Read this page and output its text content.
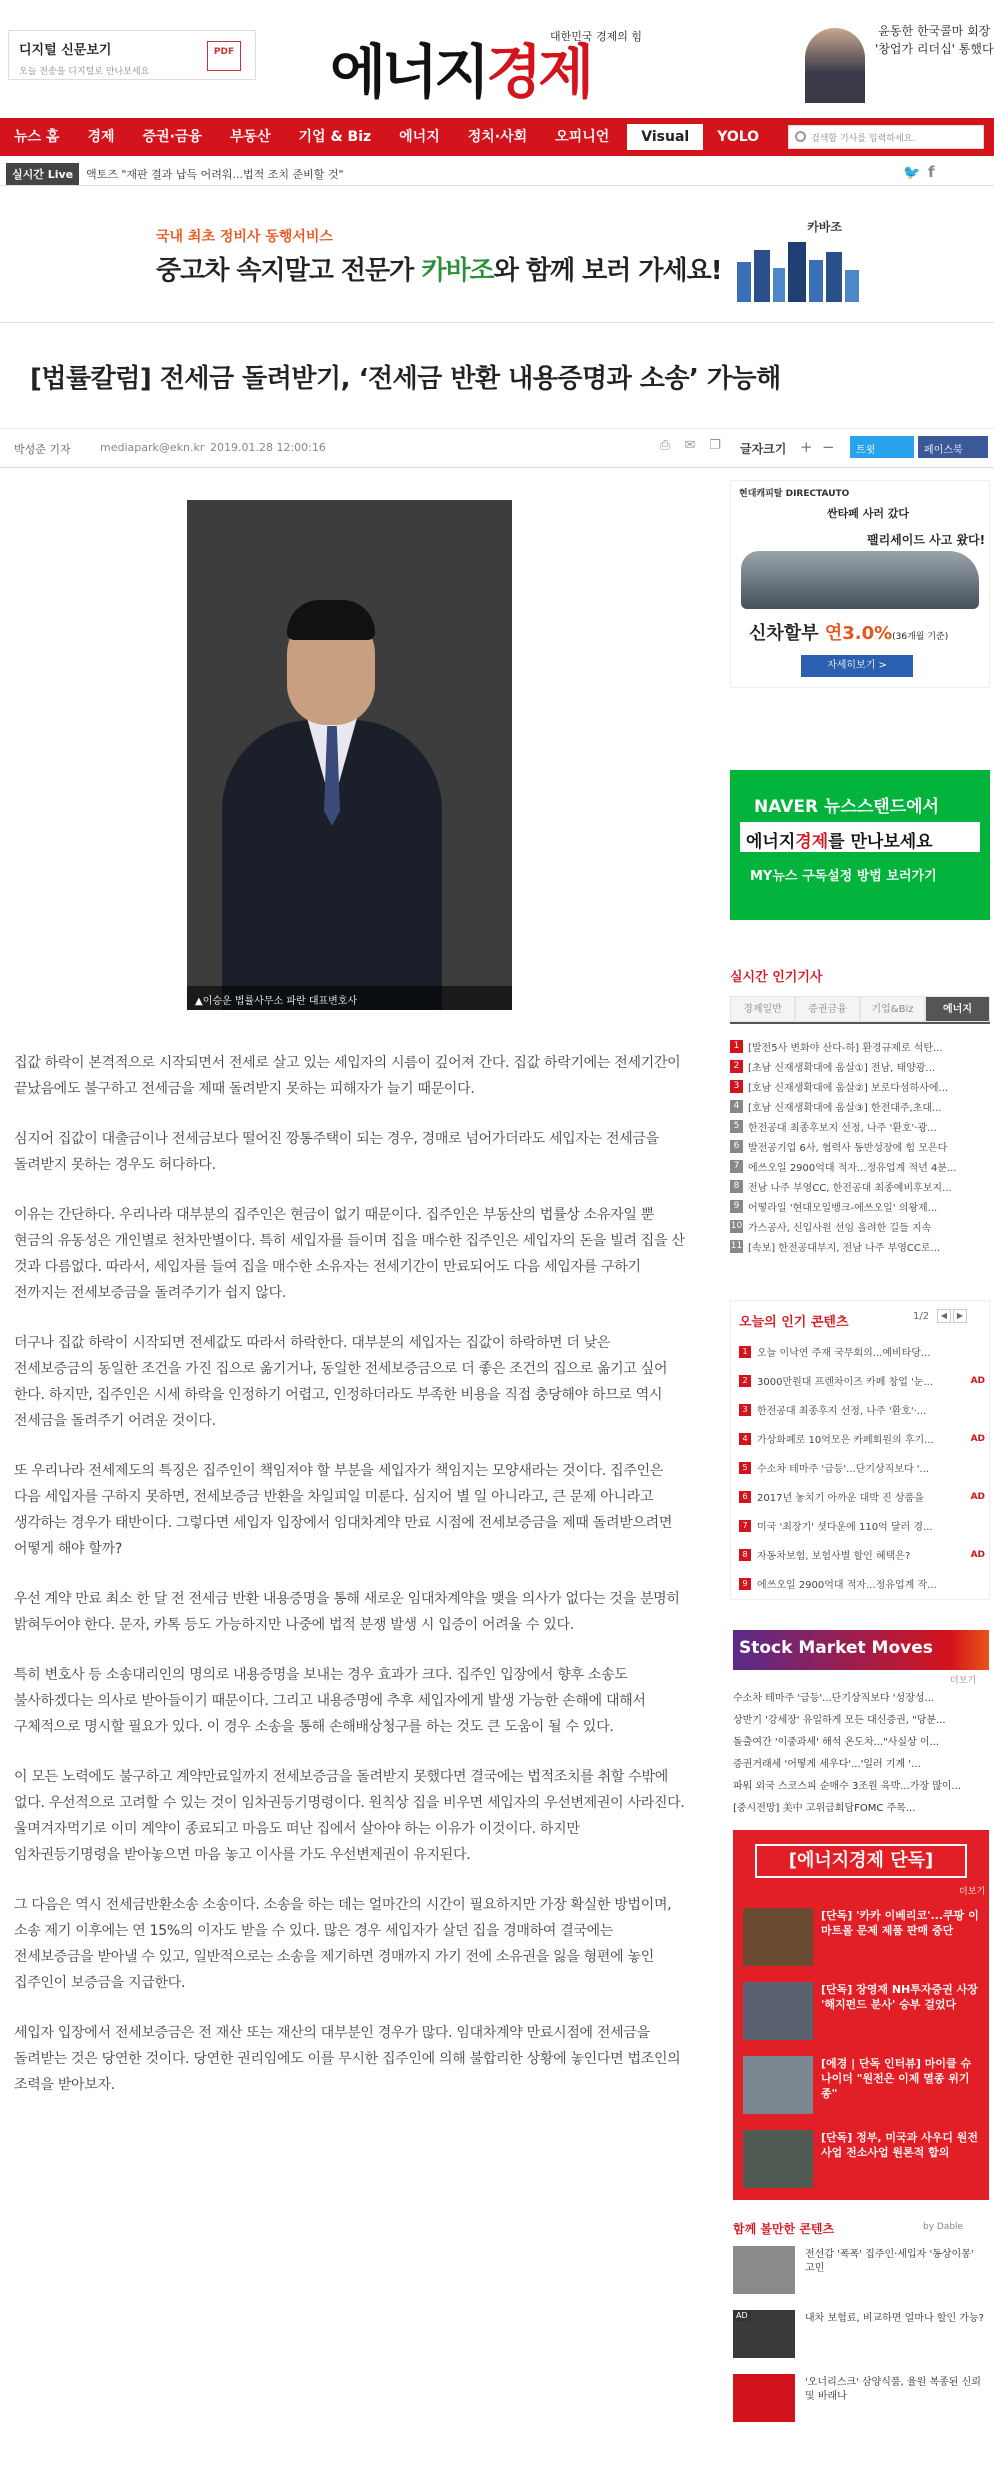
디지털 신문보기
오늘 전송을 디지털로 만나보세요
PDF
대한민국 경제의 힘
에너지경제
윤동한 한국콜마 회장
'창업가 리더십' 통했다
뉴스 홈	경제	증권·금융	부동산	기업 & Biz	에너지	정치·사회	오피니언	Visual	YOLO	검색할 기사를 입력하세요.
실시간 Live	액토즈 "재판 결과 납득 어려워...법적 조치 준비할 것"	🐦 f
국내 최초 정비사 동행서비스
중고차 속지말고 전문가 카바조와 함께 보러 가세요!
카바조
[법률칼럼] 전세금 돌려받기, ‘전세금 반환 내용증명과 소송’ 가능해
박성준 기자	mediapark@ekn.kr 2019.01.28 12:00:16	⎙	✉	❐	글자크기 + −	트윗	페이스북
▲이승운 법률사무소 파란 대표변호사

집값 하락이 본격적으로 시작되면서 전세로 살고 있는 세입자의 시름이 깊어져 간다. 집값 하락기에는 전세기간이 끝났음에도 불구하고 전세금을 제때 돌려받지 못하는 피해자가 늘기 때문이다.

심지어 집값이 대출금이나 전세금보다 떨어진 깡통주택이 되는 경우, 경매로 넘어가더라도 세입자는 전세금을 돌려받지 못하는 경우도 허다하다.

이유는 간단하다. 우리나라 대부분의 집주인은 현금이 없기 때문이다. 집주인은 부동산의 법률상 소유자일 뿐 현금의 유동성은 개인별로 천차만별이다. 특히 세입자를 들이며 집을 매수한 집주인은 세입자의 돈을 빌려 집을 산 것과 다름없다. 따라서, 세입자를 들여 집을 매수한 소유자는 전세기간이 만료되어도 다음 세입자를 구하기 전까지는 전세보증금을 돌려주기가 쉽지 않다.

더구나 집값 하락이 시작되면 전세값도 따라서 하락한다. 대부분의 세입자는 집값이 하락하면 더 낮은 전세보증금의 동일한 조건을 가진 집으로 옮기거나, 동일한 전세보증금으로 더 좋은 조건의 집으로 옮기고 싶어 한다. 하지만, 집주인은 시세 하락을 인정하기 어렵고, 인정하더라도 부족한 비용을 직접 충당해야 하므로 역시 전세금을 돌려주기 어려운 것이다.

또 우리나라 전세제도의 특징은 집주인이 책임져야 할 부분을 세입자가 책임지는 모양새라는 것이다. 집주인은 다음 세입자를 구하지 못하면, 전세보증금 반환을 차일피일 미룬다. 심지어 별 일 아니라고, 큰 문제 아니라고 생각하는 경우가 태반이다. 그렇다면 세입자 입장에서 임대차계약 만료 시점에 전세보증금을 제때 돌려받으려면 어떻게 해야 할까?

우선 계약 만료 최소 한 달 전 전세금 반환 내용증명을 통해 새로운 임대차계약을 맺을 의사가 없다는 것을 분명히 밝혀두어야 한다. 문자, 카톡 등도 가능하지만 나중에 법적 분쟁 발생 시 입증이 어려울 수 있다.

특히 변호사 등 소송대리인의 명의로 내용증명을 보내는 경우 효과가 크다. 집주인 입장에서 향후 소송도 불사하겠다는 의사로 받아들이기 때문이다. 그리고 내용증명에 추후 세입자에게 발생 가능한 손해에 대해서 구체적으로 명시할 필요가 있다. 이 경우 소송을 통해 손해배상청구를 하는 것도 큰 도움이 될 수 있다.

이 모든 노력에도 불구하고 계약만료일까지 전세보증금을 돌려받지 못했다면 결국에는 법적조치를 취할 수밖에 없다. 우선적으로 고려할 수 있는 것이 임차권등기명령이다. 원칙상 집을 비우면 세입자의 우선변제권이 사라진다. 울며겨자먹기로 이미 계약이 종료되고 마음도 떠난 집에서 살아야 하는 이유가 이것이다. 하지만 임차권등기명령을 받아놓으면 마음 놓고 이사를 가도 우선변제권이 유지된다.

그 다음은 역시 전세금반환소송 소송이다. 소송을 하는 데는 얼마간의 시간이 필요하지만 가장 확실한 방법이며, 소송 제기 이후에는 연 15%의 이자도 받을 수 있다. 많은 경우 세입자가 살던 집을 경매하여 결국에는 전세보증금을 받아낼 수 있고, 일반적으로는 소송을 제기하면 경매까지 가기 전에 소유권을 잃을 형편에 놓인 집주인이 보증금을 지급한다.

세입자 입장에서 전세보증금은 전 재산 또는 재산의 대부분인 경우가 많다. 임대차계약 만료시점에 전세금을 돌려받는 것은 당연한 것이다. 당연한 권리임에도 이를 무시한 집주인에 의해 불합리한 상황에 놓인다면 법조인의 조력을 받아보자.

현대캐피탈 DIRECTAUTO
싼타페 사러 갔다
팰리세이드 사고 왔다!
신차할부 연3.0%(36개월 기준)
자세히보기 >
NAVER 뉴스스탠드에서
에너지경제를 만나보세요
MY뉴스 구독설정 방법 보러가기
실시간 인기기사
경제일반	증권금융	기업&Biz	에너지
1 [발전5사 변화야 산다-하] 환경규제로 석탄...
2 [초남 신재생확대에 움살①] 전남, 태양광...
3 [호남 신재생확대에 움살②] 보로다섬하사에...
4 [호남 신재생확대에 움살③] 한전대주,초대...
5 한전공대 최종후보지 선정, 나주 '환호'·광...
6 발전공기업 6사, 협력사 동반성장에 힘 모은다
7 에쓰오일 2900억대 적자...정유업계 적년 4분...
8 전남 나주 부영CC, 한전공대 최종예비후보지...
9 어떻라일 '현대모일뱅크-에쓰오일' 의왕제...
10 가스공사, 신입사원 선임 올려한 길들 지속
11 [속보] 한전공대부지, 전남 나주 부영CC로...
오늘의 인기 콘텐츠	1/2	◀	▶
1 오늘 이낙연 주재 국무회의...예비타당...
2 3000만원대 프렌차이즈 카페 창업 '눈...	AD
3 한전공대 최종후지 선정, 나주 '환호'·...
4 가상화폐로 10억모은 카페회원의 후기...	AD
5 수소차 테마주 '급등'...단기상직보다 '...
6 2017년 놓치기 아까운 대박 진 상품을	AD
7 미국 '최장기' 셧다운에 110억 달러 경...
8 자동차보험, 보험사별 할인 혜택은?	AD
9 에쓰오일 2900억대 적자...정유업계 작...
Stock Market Moves
더보기
수소차 테마주 '급등'...단기상직보다 '성장성...
상반기 '강세장' 유일하게 모든 대신증권, "당분...
돌출여간 '이중과세' 해석 온도차..."사실상 이...
증권거래세 '어떻게 세우다'...'일러 기계 '...
파워 외국 스코스피 순매수 3조원 육박...가장 많이...
[중시전망] 美中 고위급회담FOMC 주목...
[에너지경제 단독]
더보기
[단독] '카카 이베리코'...쿠팡 이마트몰 문제 제품 판매 중단
[단독] 장영재 NH투자증권 사장 '해지펀드 분사' 승부 걸었다
[에경 | 단독 인터뷰] 마이클 슈나이더 "원전은 이제 멸종 위기종"
[단독] 정부, 미국과 사우디 원전 사업 전소사업 원론적 합의
함께 볼만한 콘텐츠	by Dable
전선갑 '폭폭' 집주인·세입자 '동상이몽' 고민
AD	내차 보험료, 비교하면 얼마나 할인 가능?
'오너리스크' 삼양식품, 율원 복종된 신뢰 및 바래나
